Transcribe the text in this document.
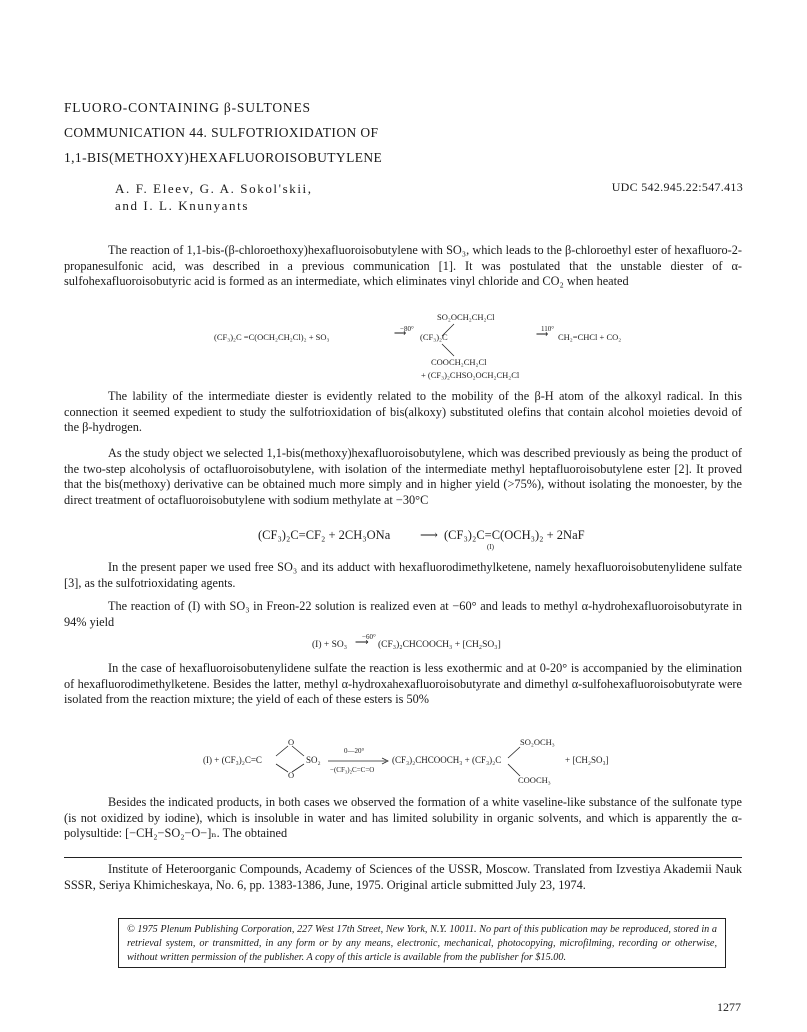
FLUORO-CONTAINING β-SULTONES
COMMUNICATION 44. SULFOTRIOXIDATION OF
1,1-BIS(METHOXY)HEXAFLUOROISOBUTYLENE
A. F. Eleev, G. A. Sokol'skii,
and I. L. Knunyants
UDC 542.945.22:547.413
The reaction of 1,1-bis-(β-chloroethoxy)hexafluoroisobutylene with SO₃, which leads to the β-chloroethyl ester of hexafluoro-2-propanesulfonic acid, was described in a previous communication [1]. It was postulated that the unstable diester of α-sulfohexafluoroisobutyric acid is formed as an intermediate, which eliminates vinyl chloride and CO₂ when heated
(CF₃)₂C =C(OCH₂CH₂Cl)₂ + SO₃
−80°
⟶ (CF₃)₂C
SO₂OCH₂CH₂Cl
COOCH₂CH₂Cl
110°
⟶ CH₂=CHCl + CO₂
+ (CF₃)₂CHSO₂OCH₂CH₂Cl
The lability of the intermediate diester is evidently related to the mobility of the β-H atom of the alkoxyl radical. In this connection it seemed expedient to study the sulfotrioxidation of bis(alkoxy) substituted olefins that contain alcohol moieties devoid of the β-hydrogen.
As the study object we selected 1,1-bis(methoxy)hexafluoroisobutylene, which was described previously as being the product of the two-step alcoholysis of octafluoroisobutylene, with isolation of the intermediate methyl heptafluoroisobutylene ester [2]. It proved that the bis(methoxy) derivative can be obtained much more simply and in higher yield (>75%), without isolating the monoester, by the direct treatment of octafluoroisobutylene with sodium methylate at −30°C
(CF₃)₂C=CF₂ + 2CH₃ONa ⟶ (CF₃)₂C=C(OCH₃)₂ + 2NaF
(I)
In the present paper we used free SO₃ and its adduct with hexafluorodimethylketene, namely hexafluoroisobutenylidene sulfate [3], as the sulfotrioxidating agents.
The reaction of (I) with SO₃ in Freon-22 solution is realized even at −60° and leads to methyl α-hydrohexafluoroisobutyrate in 94% yield
(I) + SO₃
−60°
⟶ (CF₃)₂CHCOOCH₃ + [CH₂SO₃]
In the case of hexafluoroisobutenylidene sulfate the reaction is less exothermic and at 0-20° is accompanied by the elimination of hexafluorodimethylketene. Besides the latter, methyl α-hydroxahexafluoroisobutyrate and dimethyl α-sulfohexafluoroisobutyrate were isolated from the reaction mixture; the yield of each of these esters is 50%
O
O
(I) + (CF₃)₂C=C	SO₂
0—20°
−(CF₃)₂C=C=O
(CF₃)₂CHCOOCH₃ + (CF₃)₂C
SO₂OCH₃
COOCH₃
+ [CH₂SO₃]
Besides the indicated products, in both cases we observed the formation of a white vaseline-like substance of the sulfonate type (is not oxidized by iodine), which is insoluble in water and has limited solubility in organic solvents, and which is apparently the α-polysultide: [−CH₂−SO₂−O−]ₙ. The obtained
Institute of Heteroorganic Compounds, Academy of Sciences of the USSR, Moscow. Translated from Izvestiya Akademii Nauk SSSR, Seriya Khimicheskaya, No. 6, pp. 1383-1386, June, 1975. Original article submitted July 23, 1974.
© 1975 Plenum Publishing Corporation, 227 West 17th Street, New York, N.Y. 10011. No part of this publication may be reproduced, stored in a retrieval system, or transmitted, in any form or by any means, electronic, mechanical, photocopying, microfilming, recording or otherwise, without written permission of the publisher. A copy of this article is available from the publisher for $15.00.
1277
